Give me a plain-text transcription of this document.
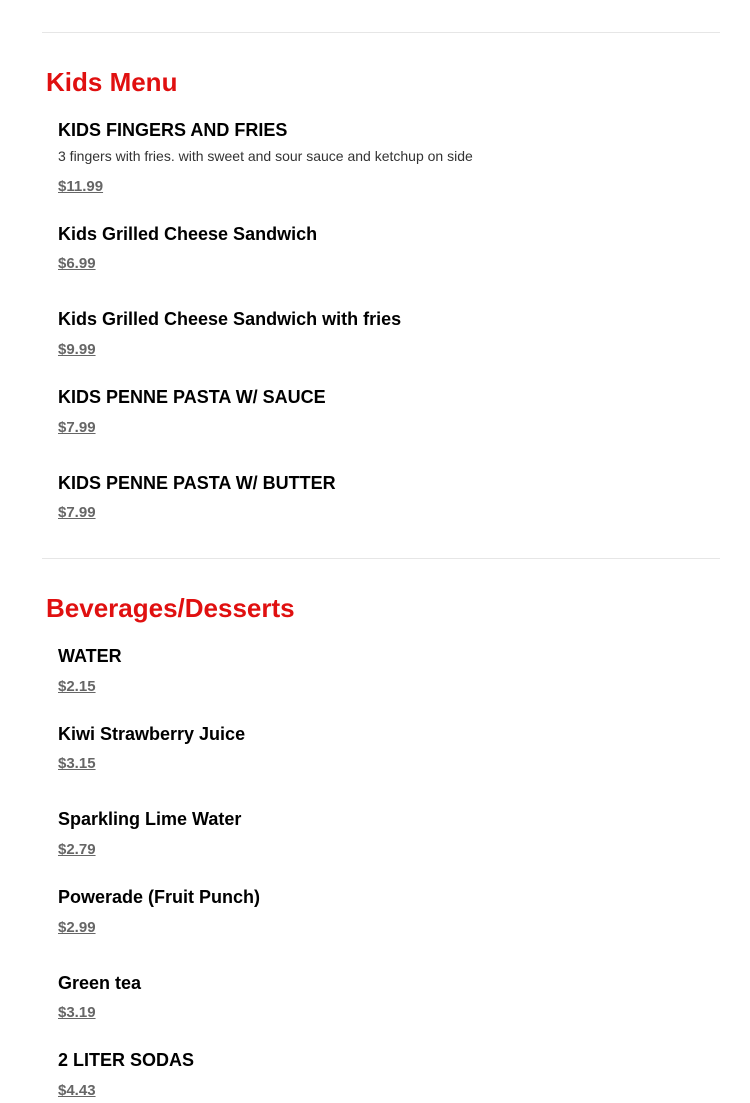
Kids Menu
KIDS FINGERS AND FRIES
3 fingers with fries. with sweet and sour sauce and ketchup on side
$11.99
Kids Grilled Cheese Sandwich
$6.99
Kids Grilled Cheese Sandwich with fries
$9.99
KIDS PENNE PASTA W/ SAUCE
$7.99
KIDS PENNE PASTA W/ BUTTER
$7.99
Beverages/Desserts
WATER
$2.15
Kiwi Strawberry Juice
$3.15
Sparkling Lime Water
$2.79
Powerade (Fruit Punch)
$2.99
Green tea
$3.19
2 LITER SODAS
$4.43
